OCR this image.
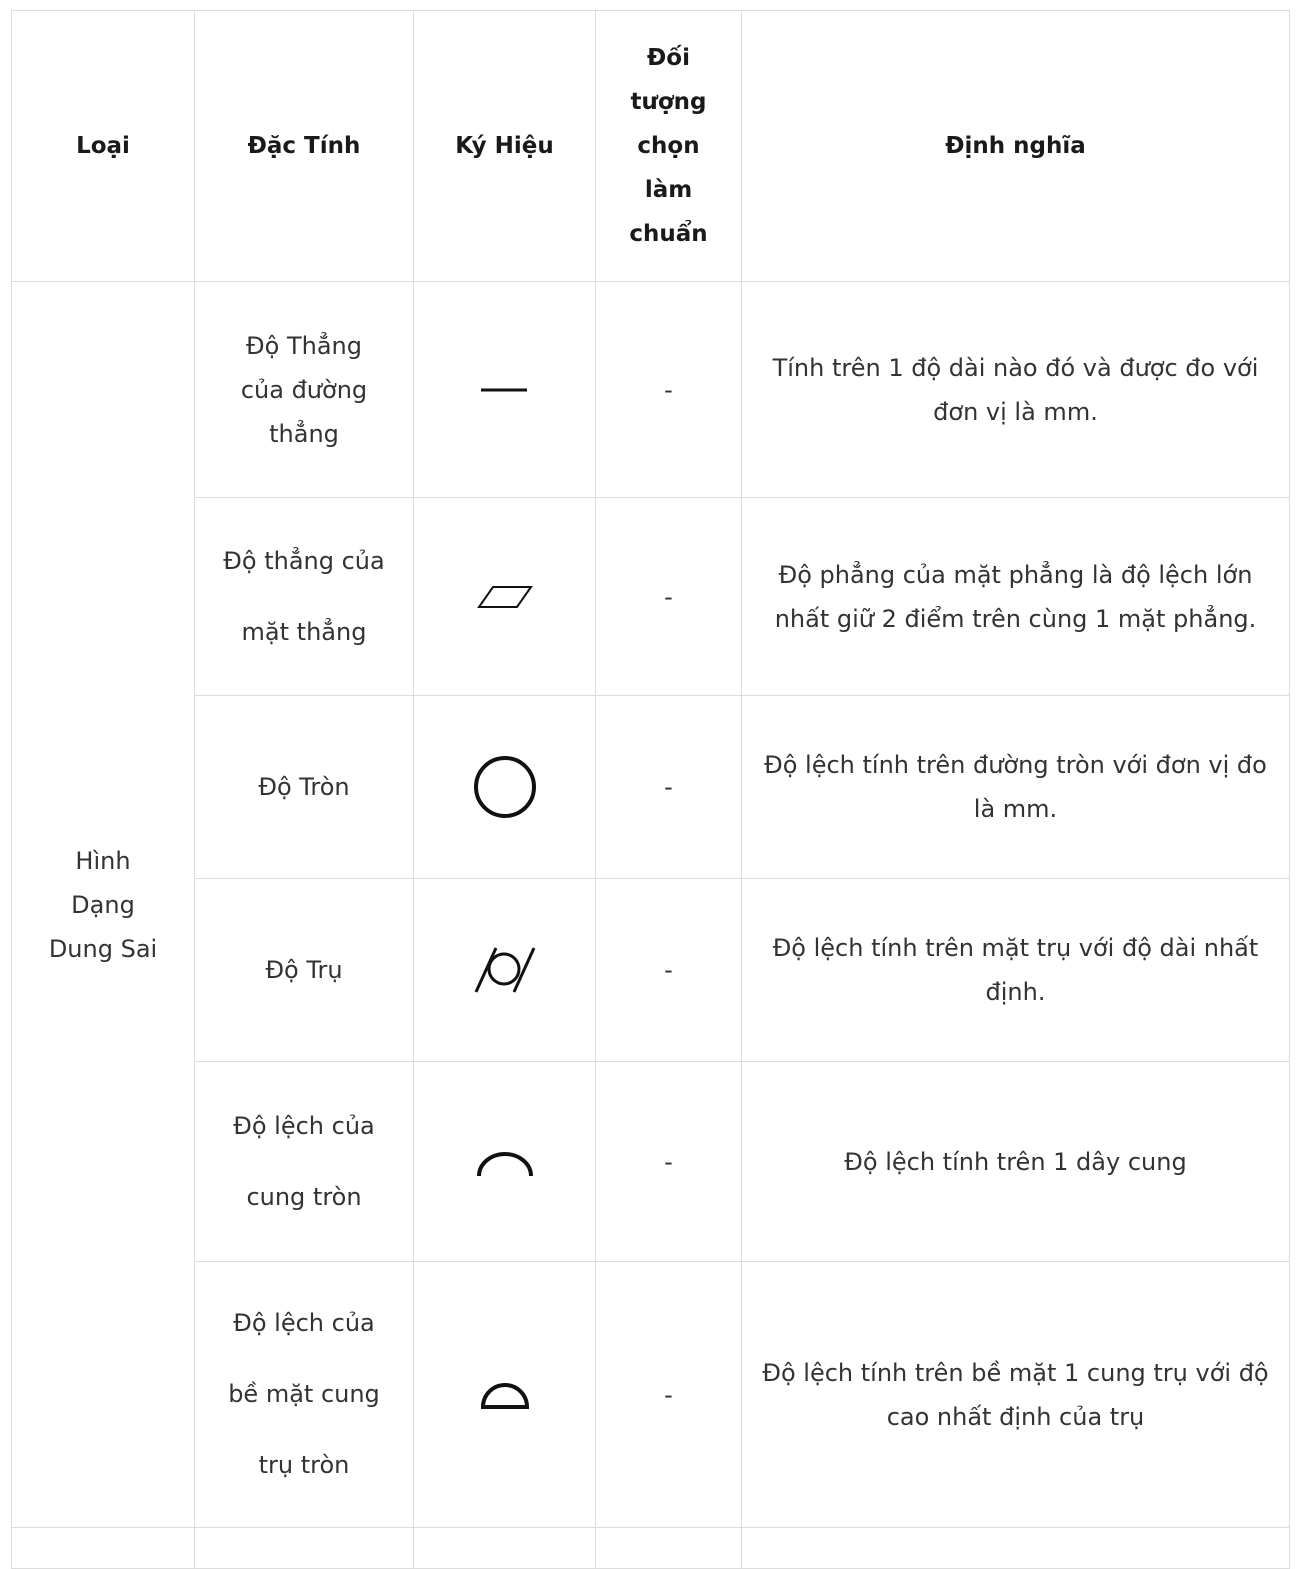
Loại	Đặc Tính	Ký Hiệu	Đối tượng chọn làm chuẩn	Định nghĩa
Hình Dạng Dung Sai	Độ Thẳng của đường thẳng		-	Tính trên 1 độ dài nào đó và được đo với đơn vị là mm.
	Độ thẳng của mặt thẳng		-	Độ phẳng của mặt phẳng là độ lệch lớn nhất giữ 2 điểm trên cùng 1 mặt phẳng.
	Độ Tròn		-	Độ lệch tính trên đường tròn với đơn vị đo là mm.
	Độ Trụ		-	Độ lệch tính trên mặt trụ với độ dài nhất định.
	Độ lệch của cung tròn		-	Độ lệch tính trên 1 dây cung
	Độ lệch của bề mặt cung trụ tròn		-	Độ lệch tính trên bề mặt 1 cung trụ với độ cao nhất định của trụ
